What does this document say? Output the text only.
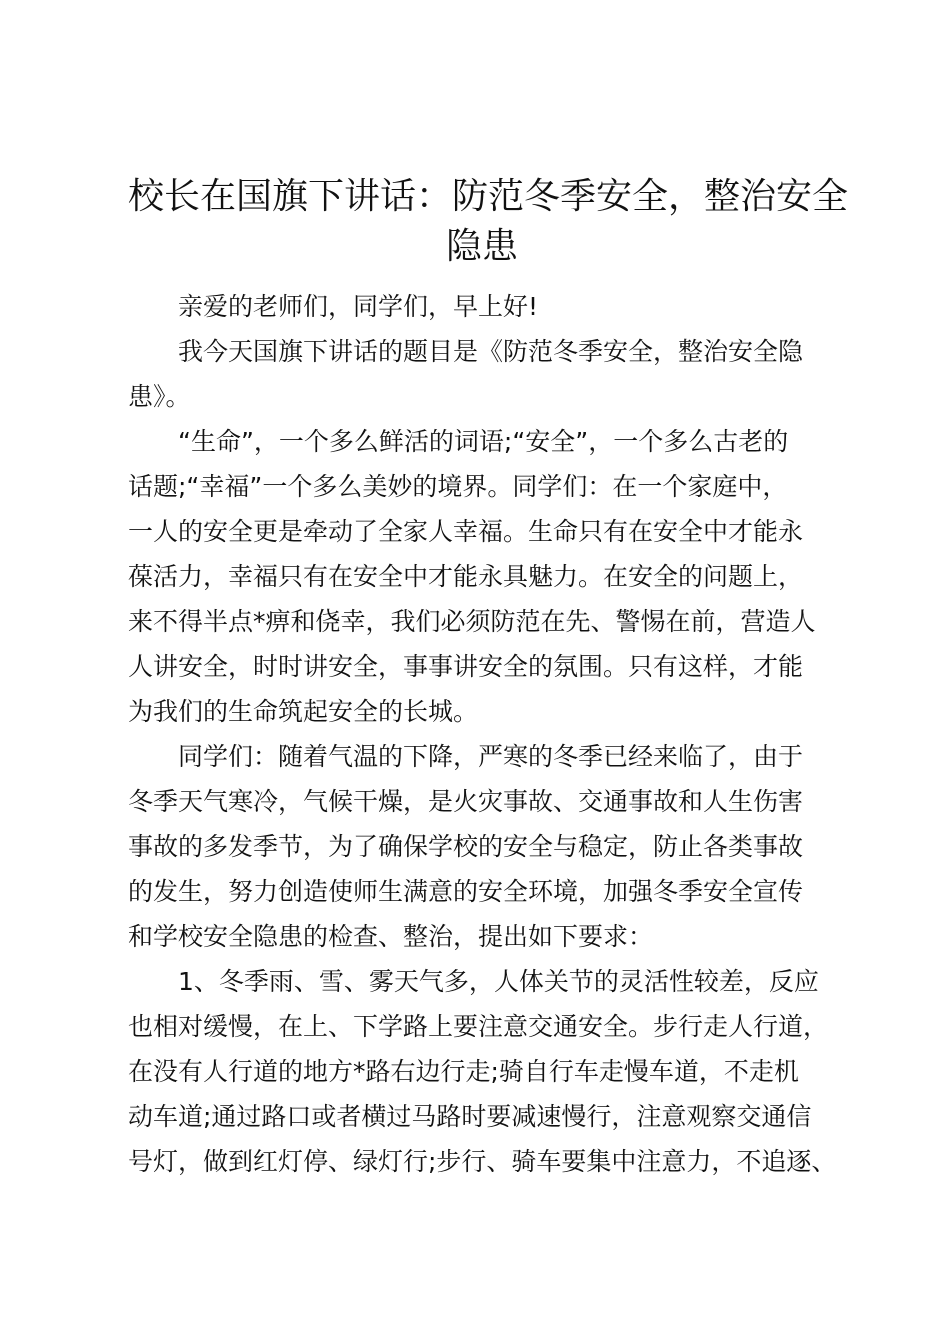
校长在国旗下讲话：防范冬季安全，整治安全
隐患

亲爱的老师们，同学们，早上好!

我今天国旗下讲话的题目是《防范冬季安全，整治安全隐
患》。

“生命”，一个多么鲜活的词语;“安全”，一个多么古老的
话题;“幸福”一个多么美妙的境界。同学们：在一个家庭中，
一人的安全更是牵动了全家人幸福。生命只有在安全中才能永
葆活力，幸福只有在安全中才能永具魅力。在安全的问题上，
来不得半点*痹和侥幸，我们必须防范在先、警惕在前，营造人
人讲安全，时时讲安全，事事讲安全的氛围。只有这样，才能
为我们的生命筑起安全的长城。

同学们：随着气温的下降，严寒的冬季已经来临了，由于
冬季天气寒冷，气候干燥，是火灾事故、交通事故和人生伤害
事故的多发季节，为了确保学校的安全与稳定，防止各类事故
的发生，努力创造使师生满意的安全环境，加强冬季安全宣传
和学校安全隐患的检查、整治，提出如下要求：

1、冬季雨、雪、雾天气多，人体关节的灵活性较差，反应
也相对缓慢，在上、下学路上要注意交通安全。步行走人行道，
在没有人行道的地方*路右边行走;骑自行车走慢车道，不走机
动车道;通过路口或者横过马路时要减速慢行，注意观察交通信
号灯，做到红灯停、绿灯行;步行、骑车要集中注意力，不追逐、
